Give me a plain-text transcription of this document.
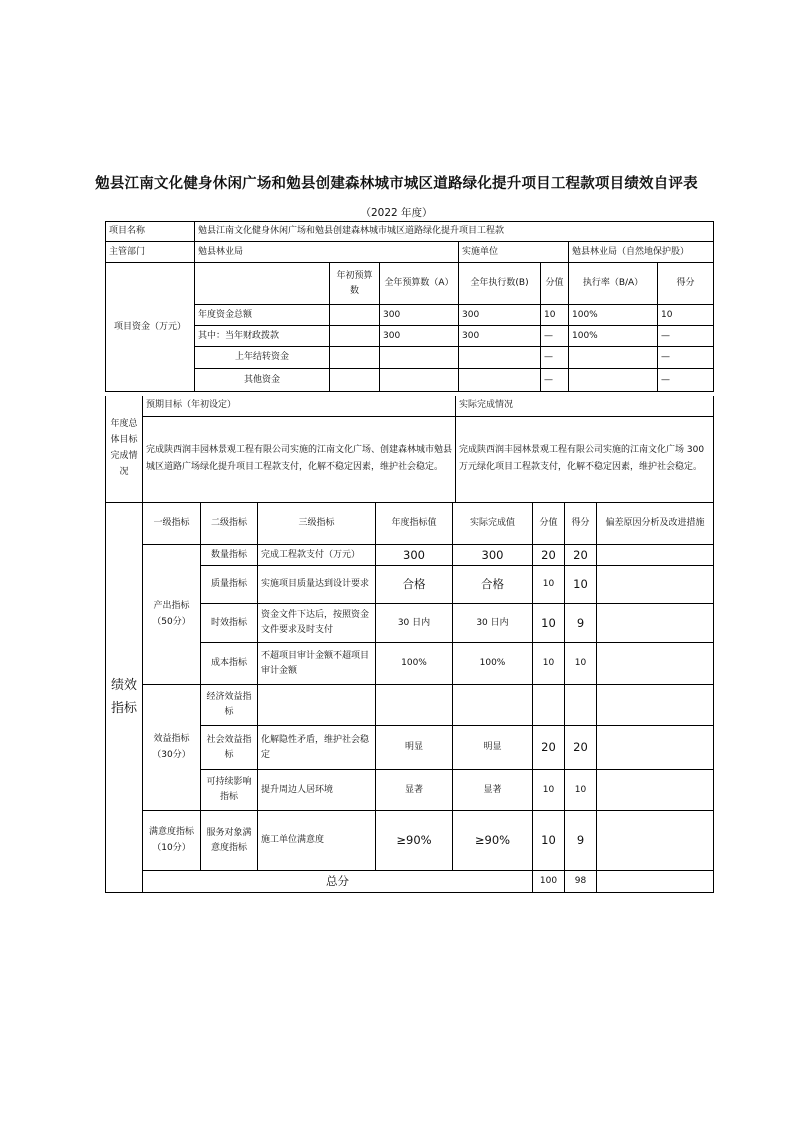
勉县江南文化健身休闲广场和勉县创建森林城市城区道路绿化提升项目工程款项目绩效自评表
（2022 年度）
项目名称	勉县江南文化健身休闲广场和勉县创建森林城市城区道路绿化提升项目工程款						
主管部门	勉县林业局			实施单位		勉县林业局（自然地保护股）	
项目资金（万元）		年初预算数	全年预算数（A）	全年执行数(B)	分值	执行率（B/A）	得分
	年度资金总额		300	300	10	100%	10
	其中：当年财政拨款		300	300	—	100%	—
	上年结转资金				—		—
	其他资金				—		—
年度总体目标完成情况	预期目标（年初设定）	实际完成情况
	完成陕西润丰园林景观工程有限公司实施的江南文化广场、创建森林城市勉县城区道路广场绿化提升项目工程款支付，化解不稳定因素，维护社会稳定。	完成陕西润丰园林景观工程有限公司实施的江南文化广场 300 万元绿化项目工程款支付，化解不稳定因素，维护社会稳定。
绩效指标	一级指标	二级指标	三级指标	年度指标值	实际完成值	分值	得分	偏差原因分析及改进措施
	产出指标（50分）	数量指标	完成工程款支付（万元）	300	300	20	20	
		质量指标	实施项目质量达到设计要求	合格	合格	10	10	
		时效指标	资金文件下达后，按照资金文件要求及时支付	30 日内	30 日内	10	9	
		成本指标	不超项目审计金额不超项目审计金额	100%	100%	10	10	
	效益指标（30分）	经济效益指标						
		社会效益指标	化解隐性矛盾，维护社会稳定	明显	明显	20	20	
		可持续影响指标	提升周边人居环境	显著	显著	10	10	
	满意度指标（10分）	服务对象满意度指标	施工单位满意度	≥90%	≥90%	10	9	
	总分					100	98	
